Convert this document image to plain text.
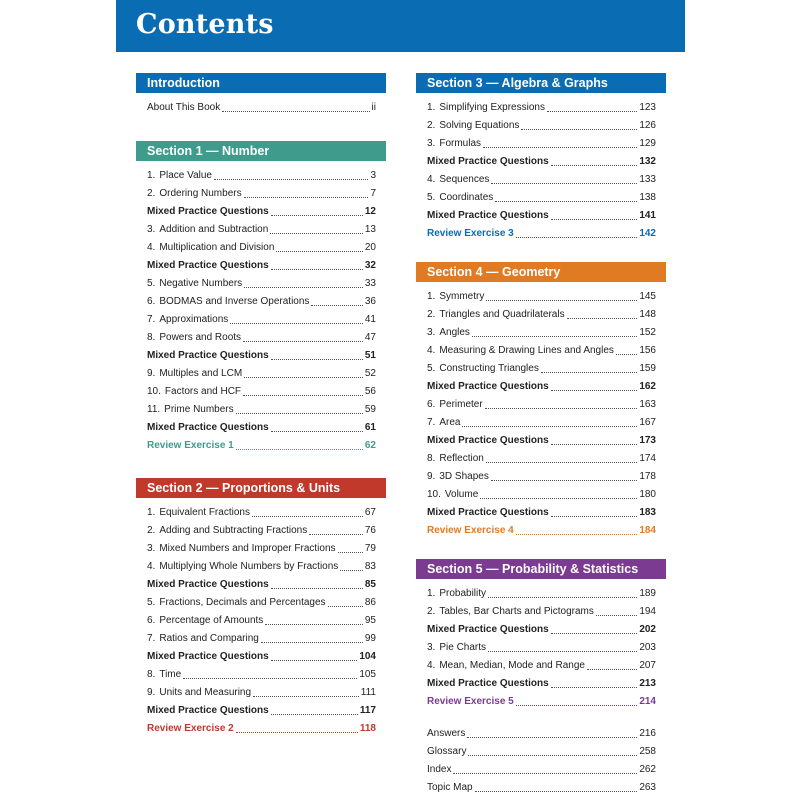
Contents
Introduction
About This Book	ii
Section 1 — Number
1. Place Value	3
2. Ordering Numbers	7
Mixed Practice Questions	12
3. Addition and Subtraction	13
4. Multiplication and Division	20
Mixed Practice Questions	32
5. Negative Numbers	33
6. BODMAS and Inverse Operations	36
7. Approximations	41
8. Powers and Roots	47
Mixed Practice Questions	51
9. Multiples and LCM	52
10. Factors and HCF	56
11. Prime Numbers	59
Mixed Practice Questions	61
Review Exercise 1	62
Section 2 — Proportions & Units
1. Equivalent Fractions	67
2. Adding and Subtracting Fractions	76
3. Mixed Numbers and Improper Fractions	79
4. Multiplying Whole Numbers by Fractions	83
Mixed Practice Questions	85
5. Fractions, Decimals and Percentages	86
6. Percentage of Amounts	95
7. Ratios and Comparing	99
Mixed Practice Questions	104
8. Time	105
9. Units and Measuring	111
Mixed Practice Questions	117
Review Exercise 2	118
Section 3 — Algebra & Graphs
1. Simplifying Expressions	123
2. Solving Equations	126
3. Formulas	129
Mixed Practice Questions	132
4. Sequences	133
5. Coordinates	138
Mixed Practice Questions	141
Review Exercise 3	142
Section 4 — Geometry
1. Symmetry	145
2. Triangles and Quadrilaterals	148
3. Angles	152
4. Measuring & Drawing Lines and Angles	156
5. Constructing Triangles	159
Mixed Practice Questions	162
6. Perimeter	163
7. Area	167
Mixed Practice Questions	173
8. Reflection	174
9. 3D Shapes	178
10. Volume	180
Mixed Practice Questions	183
Review Exercise 4	184
Section 5 — Probability & Statistics
1. Probability	189
2. Tables, Bar Charts and Pictograms	194
Mixed Practice Questions	202
3. Pie Charts	203
4. Mean, Median, Mode and Range	207
Mixed Practice Questions	213
Review Exercise 5	214
Answers	216
Glossary	258
Index	262
Topic Map	263
